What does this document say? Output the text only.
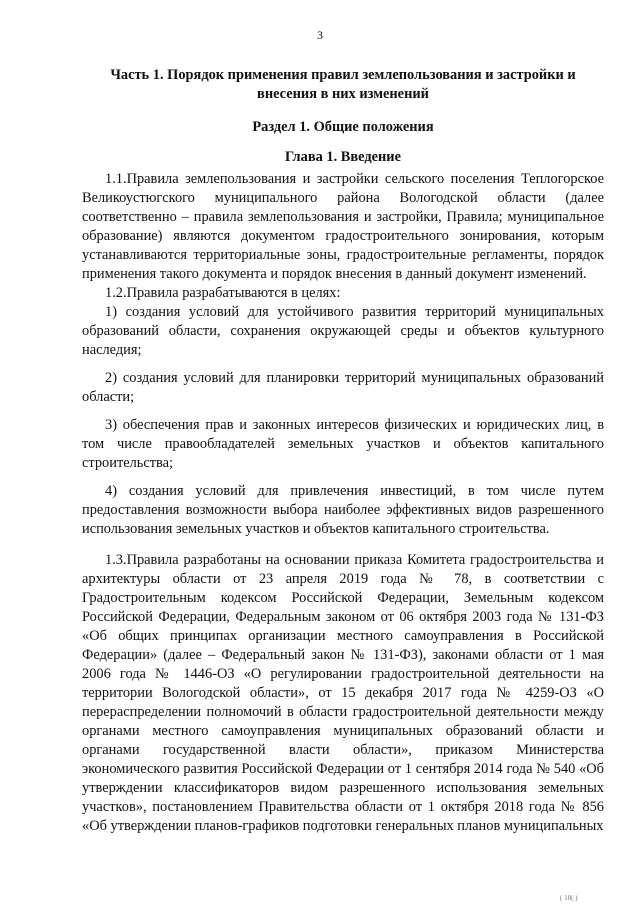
3

Часть 1. Порядок применения правил землепользования и застройки и внесения в них изменений

Раздел 1. Общие положения

Глава 1. Введение

1.1.Правила землепользования и застройки сельского поселения Теплогорское Великоустюгского муниципального района Вологодской области (далее соответственно – правила землепользования и застройки, Правила; муниципальное образование) являются документом градостроительного зонирования, которым устанавливаются территориальные зоны, градостроительные регламенты, порядок применения такого документа и порядок внесения в данный документ изменений.

1.2.Правила разрабатываются в целях:

1) создания условий для устойчивого развития территорий муниципальных образований области, сохранения окружающей среды и объектов культурного наследия;

2) создания условий для планировки территорий муниципальных образований области;

3) обеспечения прав и законных интересов физических и юридических лиц, в том числе правообладателей земельных участков и объектов капитального строительства;

4) создания условий для привлечения инвестиций, в том числе путем предоставления возможности выбора наиболее эффективных видов разрешенного использования земельных участков и объектов капитального строительства.

1.3.Правила разработаны на основании приказа Комитета градостроительства и архитектуры области от 23 апреля 2019 года № 78, в соответствии с Градостроительным кодексом Российской Федерации, Земельным кодексом Российской Федерации, Федеральным законом от 06 октября 2003 года № 131-ФЗ «Об общих принципах организации местного самоуправления в Российской Федерации» (далее – Федеральный закон № 131-ФЗ), законами области от 1 мая 2006 года № 1446-ОЗ «О регулировании градостроительной деятельности на территории Вологодской области», от 15 декабря 2017 года № 4259-ОЗ «О перераспределении полномочий в области градостроительной деятельности между органами местного самоуправления муниципальных образований области и органами государственной власти области», приказом Министерства экономического развития Российской Федерации от 1 сентября 2014 года № 540 «Об утверждении классификаторов видом разрешенного использования земельных участков», постановлением Правительства области от 1 октября 2018 года № 856 «Об утверждении планов-графиков подготовки генеральных планов муниципальных

( 18( )
